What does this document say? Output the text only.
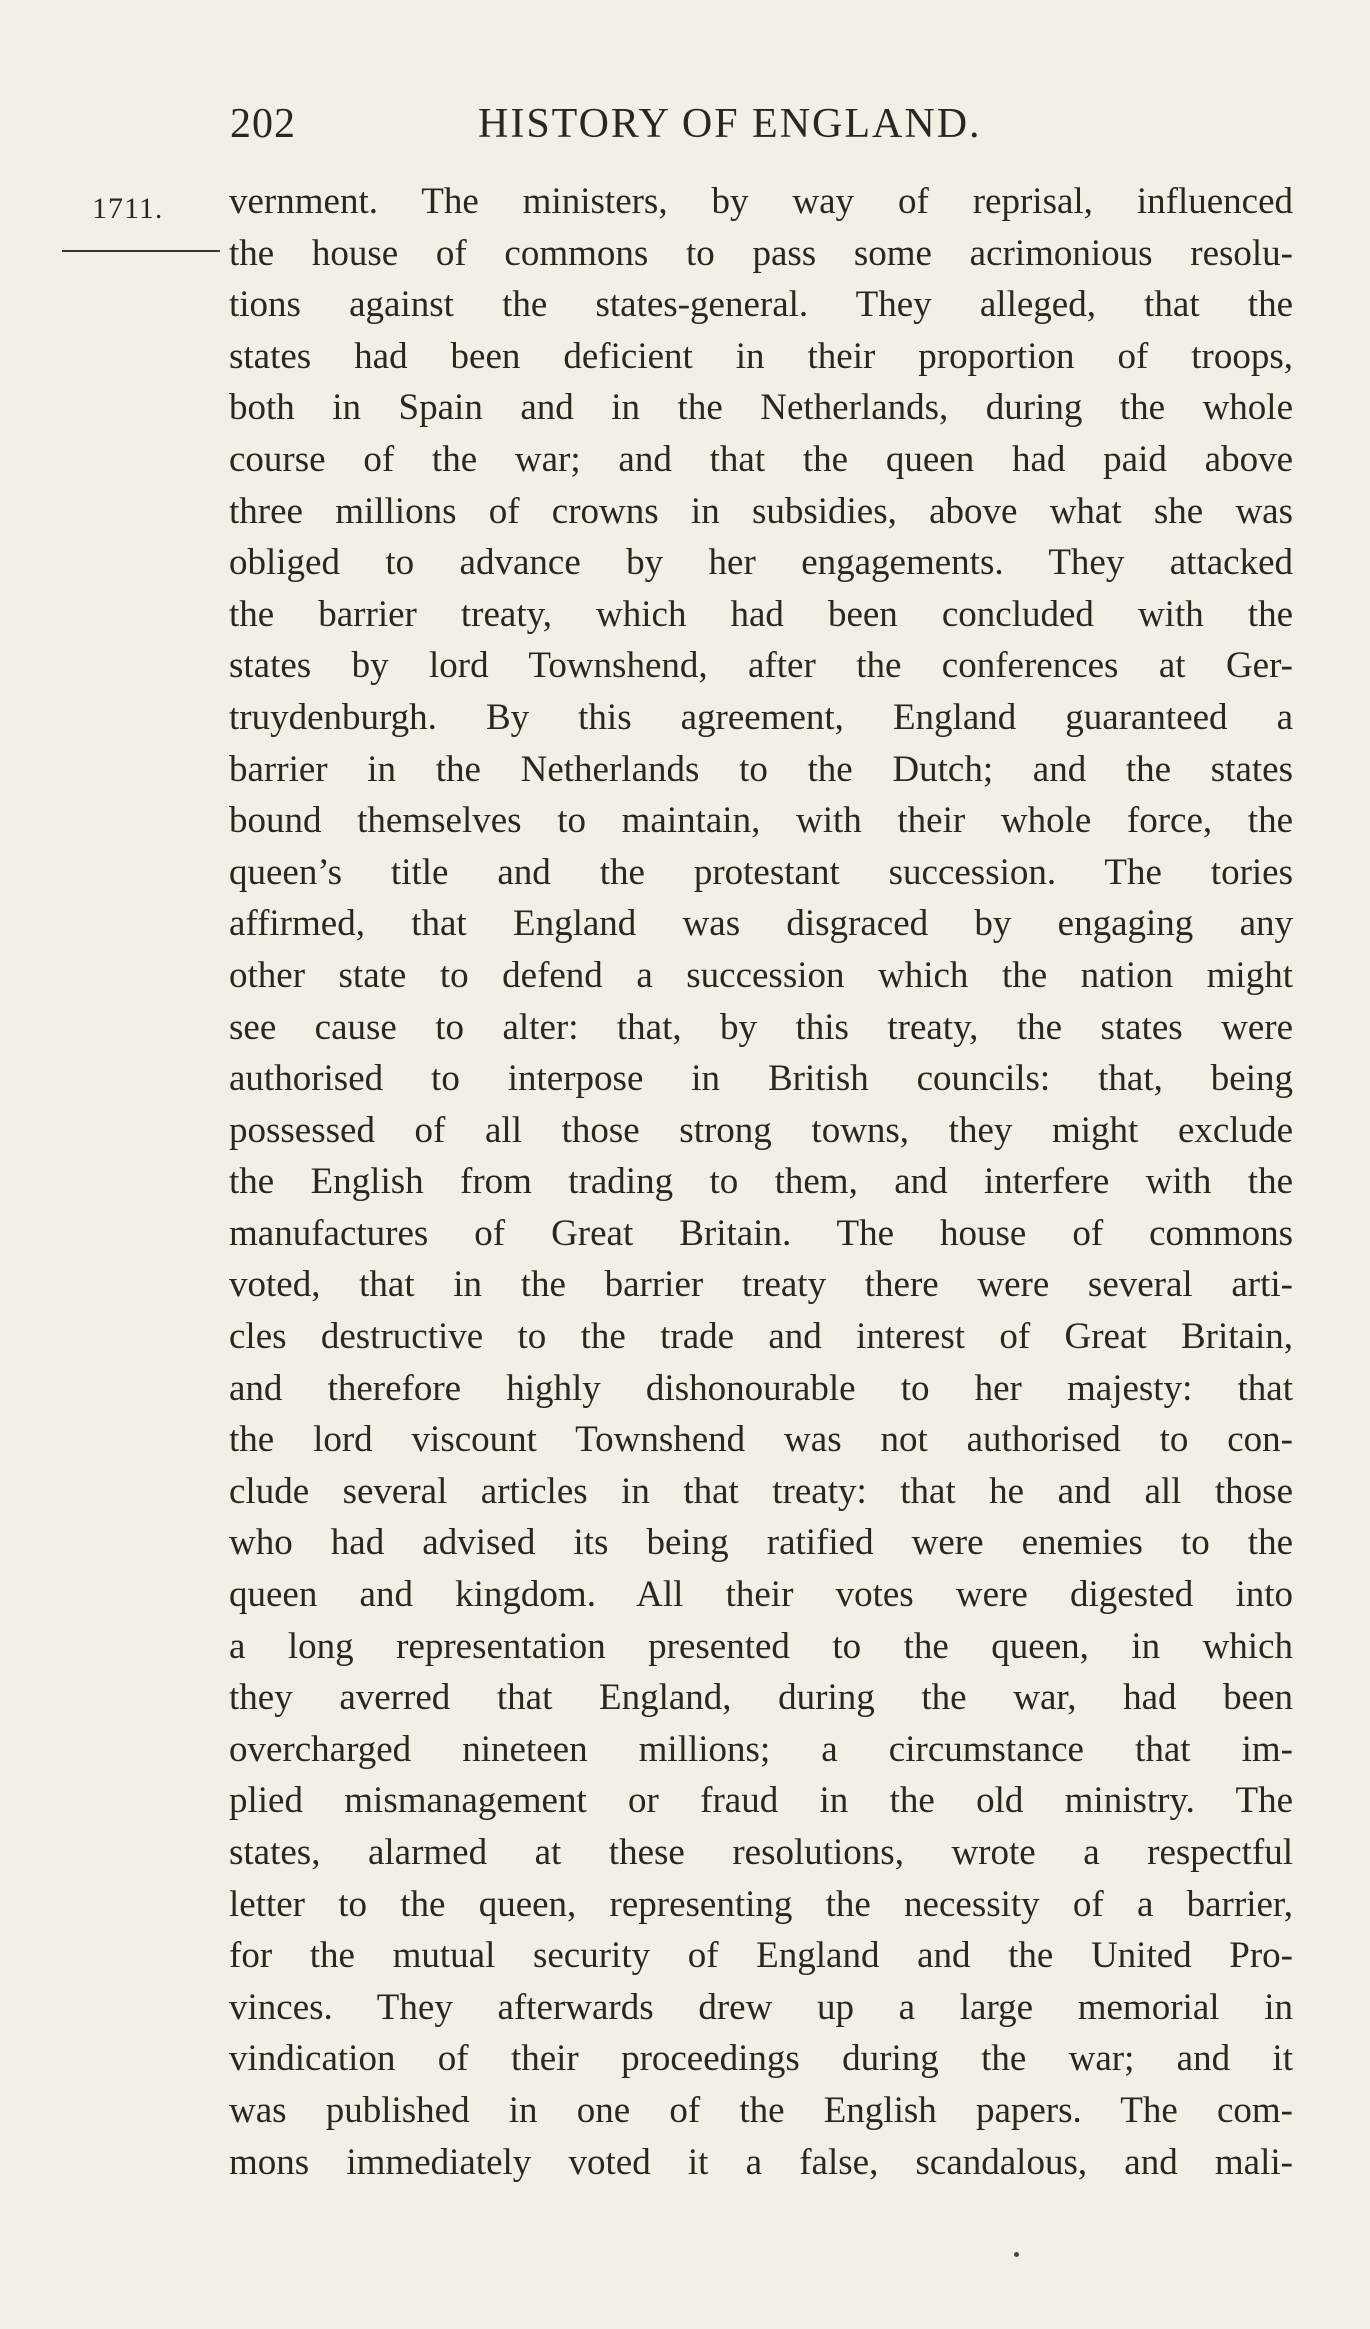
202	HISTORY OF ENGLAND.
1711. vernment. The ministers, by way of reprisal, influenced
the house of commons to pass some acrimonious resolu-
tions against the states-general. They alleged, that the
states had been deficient in their proportion of troops,
both in Spain and in the Netherlands, during the whole
course of the war; and that the queen had paid above
three millions of crowns in subsidies, above what she was
obliged to advance by her engagements. They attacked
the barrier treaty, which had been concluded with the
states by lord Townshend, after the conferences at Ger-
truydenburgh. By this agreement, England guaranteed a
barrier in the Netherlands to the Dutch; and the states
bound themselves to maintain, with their whole force, the
queen’s title and the protestant succession. The tories
affirmed, that England was disgraced by engaging any
other state to defend a succession which the nation might
see cause to alter: that, by this treaty, the states were
authorised to interpose in British councils: that, being
possessed of all those strong towns, they might exclude
the English from trading to them, and interfere with the
manufactures of Great Britain. The house of commons
voted, that in the barrier treaty there were several arti-
cles destructive to the trade and interest of Great Britain,
and therefore highly dishonourable to her majesty: that
the lord viscount Townshend was not authorised to con-
clude several articles in that treaty: that he and all those
who had advised its being ratified were enemies to the
queen and kingdom. All their votes were digested into
a long representation presented to the queen, in which
they averred that England, during the war, had been
overcharged nineteen millions; a circumstance that im-
plied mismanagement or fraud in the old ministry. The
states, alarmed at these resolutions, wrote a respectful
letter to the queen, representing the necessity of a barrier,
for the mutual security of England and the United Pro-
vinces. They afterwards drew up a large memorial in
vindication of their proceedings during the war; and it
was published in one of the English papers. The com-
mons immediately voted it a false, scandalous, and mali-
